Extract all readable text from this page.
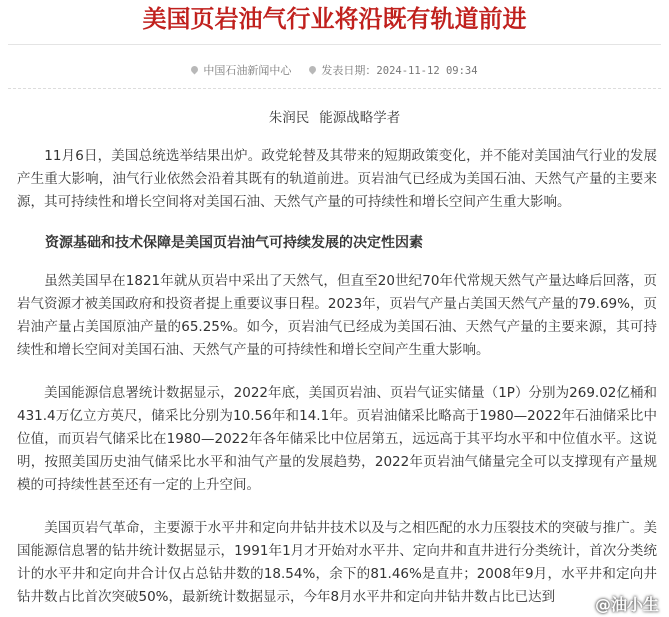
美国页岩油气行业将沿既有轨道前进
中国石油新闻中心	发表日期：2024-11-12 09:34
朱润民 能源战略学者
　　11月6日，美国总统选举结果出炉。政党轮替及其带来的短期政策变化，并不能对美国油气行业的发展产生重大影响，油气行业依然会沿着其既有的轨道前进。页岩油气已经成为美国石油、天然气产量的主要来源，其可持续性和增长空间将对美国石油、天然气产量的可持续性和增长空间产生重大影响。
资源基础和技术保障是美国页岩油气可持续发展的决定性因素
　　虽然美国早在1821年就从页岩中采出了天然气，但直至20世纪70年代常规天然气产量达峰后回落，页岩气资源才被美国政府和投资者提上重要议事日程。2023年，页岩气产量占美国天然气产量的79.69%，页岩油产量占美国原油产量的65.25%。如今，页岩油气已经成为美国石油、天然气产量的主要来源，其可持续性和增长空间对美国石油、天然气产量的可持续性和增长空间产生重大影响。
　　美国能源信息署统计数据显示，2022年底，美国页岩油、页岩气证实储量（1P）分别为269.02亿桶和431.4万亿立方英尺，储采比分别为10.56年和14.1年。页岩油储采比略高于1980—2022年石油储采比中位值，而页岩气储采比在1980—2022年各年储采比中位居第五，远远高于其平均水平和中位值水平。这说明，按照美国历史油气储采比水平和油气产量的发展趋势，2022年页岩油气储量完全可以支撑现有产量规模的可持续性甚至还有一定的上升空间。
　　美国页岩气革命，主要源于水平井和定向井钻井技术以及与之相匹配的水力压裂技术的突破与推广。美国能源信息署的钻井统计数据显示，1991年1月才开始对水平井、定向井和直井进行分类统计，首次分类统计的水平井和定向井合计仅占总钻井数的18.54%，余下的81.46%是直井；2008年9月，水平井和定向井钻井数占比首次突破50%，最新统计数据显示，今年8月水平井和定向井钻井数占比已达到	@油小生
